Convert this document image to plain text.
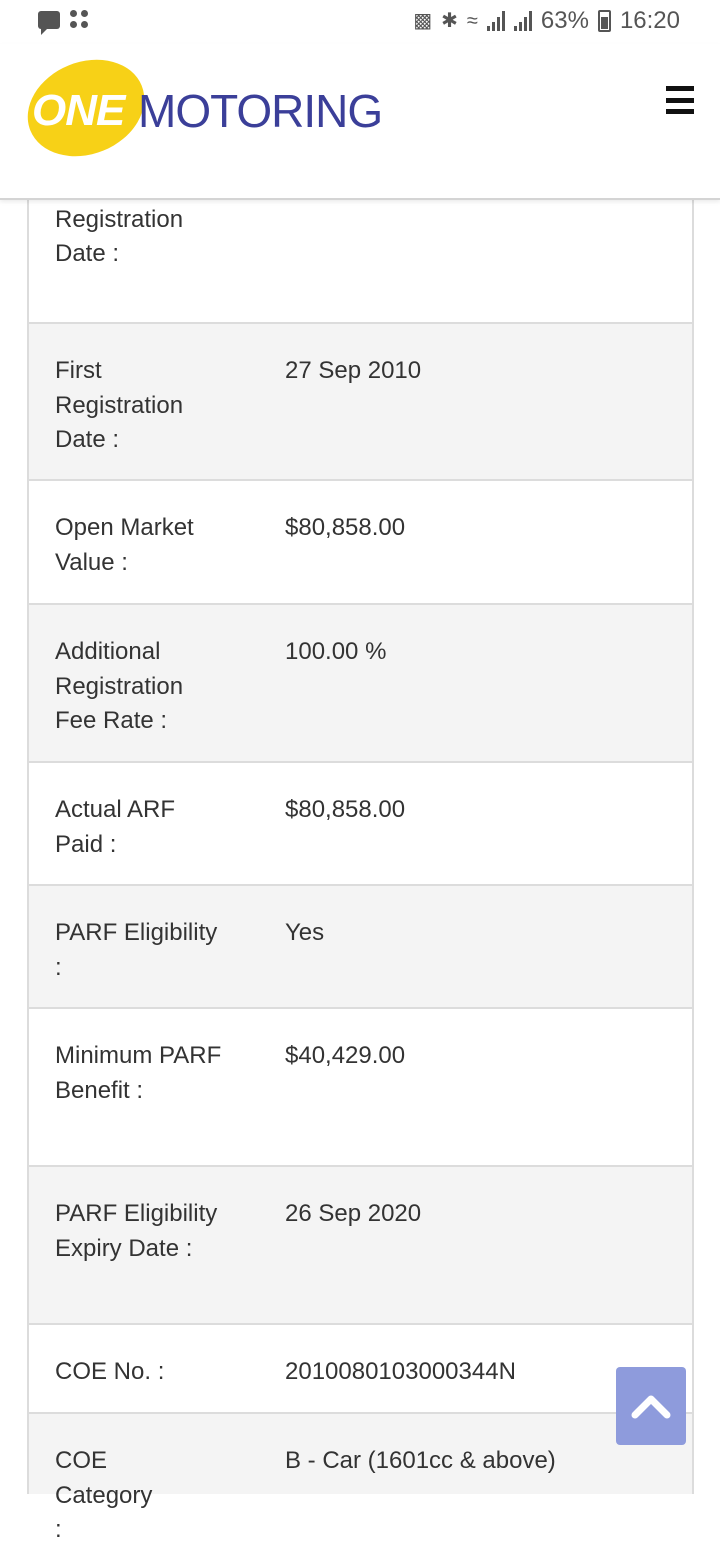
▩ ✱ ≈	63% 16:20
ONE MOTORING
Registration Date :
First Registration Date :
27 Sep 2010
Open Market Value :
$80,858.00
Additional Registration Fee Rate :
100.00 %
Actual ARF Paid :
$80,858.00
PARF Eligibility :
Yes
Minimum PARF Benefit :
$40,429.00
PARF Eligibility Expiry Date :
26 Sep 2020
COE No. :	2010080103000344N
COE Category :
B - Car (1601cc & above)
